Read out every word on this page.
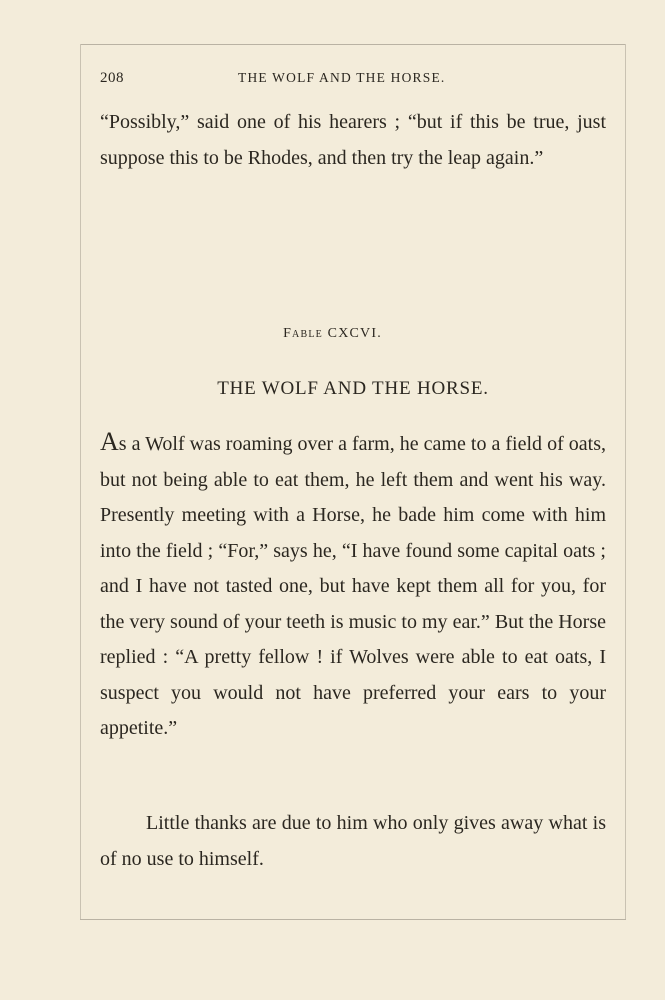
208	THE WOLF AND THE HORSE.

“Possibly,” said one of his hearers ; “but if this be true, just suppose this to be Rhodes, and then try the leap again.”

Fable CXCVI.
THE WOLF AND THE HORSE.

As a Wolf was roaming over a farm, he came to a field of oats, but not being able to eat them, he left them and went his way. Presently meeting with a Horse, he bade him come with him into the field ; “For,” says he, “I have found some capital oats ; and I have not tasted one, but have kept them all for you, for the very sound of your teeth is music to my ear.” But the Horse replied : “A pretty fellow ! if Wolves were able to eat oats, I suspect you would not have preferred your ears to your appetite.”

Little thanks are due to him who only gives away what is of no use to himself.
